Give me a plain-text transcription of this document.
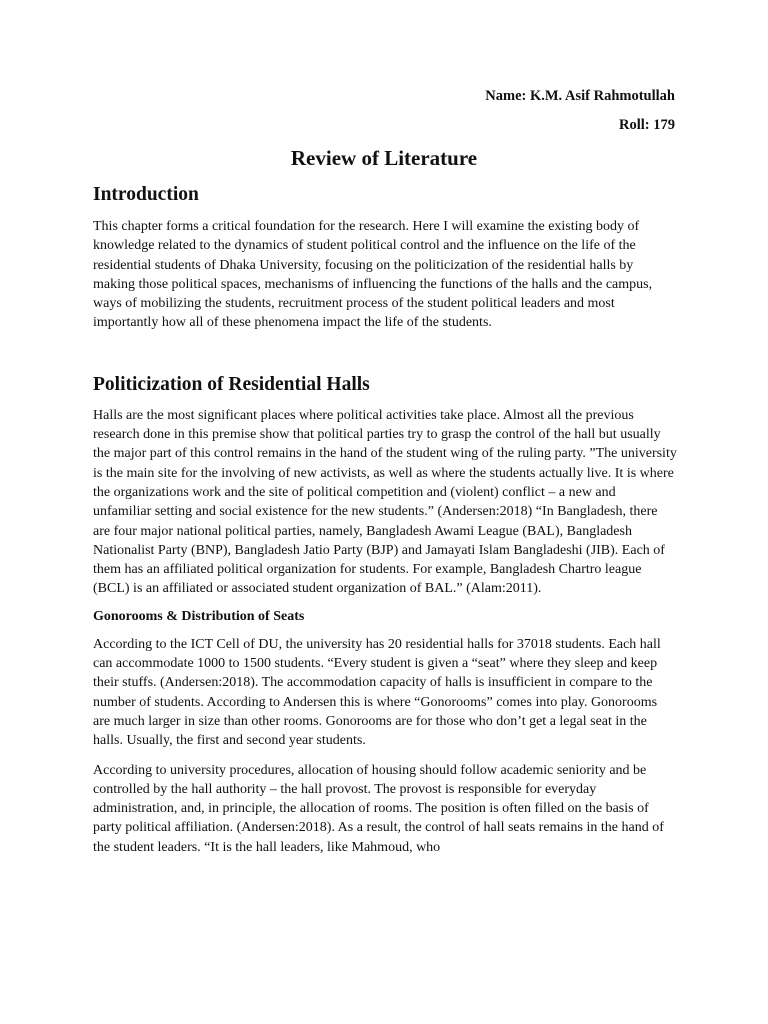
Name: K.M. Asif Rahmotullah
Roll: 179
Review of Literature
Introduction

This chapter forms a critical foundation for the research. Here I will examine the existing body of knowledge related to the dynamics of student political control and the influence on the life of the residential students of Dhaka University, focusing on the politicization of the residential halls by making those political spaces, mechanisms of influencing the functions of the halls and the campus, ways of mobilizing the students, recruitment process of the student political leaders and most importantly how all of these phenomena impact the life of the students.

Politicization of Residential Halls

Halls are the most significant places where political activities take place. Almost all the previous research done in this premise show that political parties try to grasp the control of the hall but usually the major part of this control remains in the hand of the student wing of the ruling party. ”The university is the main site for the involving of new activists, as well as where the students actually live. It is where the organizations work and the site of political competition and (violent) conflict – a new and unfamiliar setting and social existence for the new students.” (Andersen:2018) “In Bangladesh, there are four major national political parties, namely, Bangladesh Awami League (BAL), Bangladesh Nationalist Party (BNP), Bangladesh Jatio Party (BJP) and Jamayati Islam Bangladeshi (JIB). Each of them has an affiliated political organization for students. For example, Bangladesh Chartro league (BCL) is an affiliated or associated student organization of BAL.” (Alam:2011).

Gonorooms & Distribution of Seats

According to the ICT Cell of DU, the university has 20 residential halls for 37018 students. Each hall can accommodate 1000 to 1500 students. “Every student is given a “seat” where they sleep and keep their stuffs. (Andersen:2018). The accommodation capacity of halls is insufficient in compare to the number of students. According to Andersen this is where “Gonorooms” comes into play. Gonorooms are much larger in size than other rooms. Gonorooms are for those who don’t get a legal seat in the halls. Usually, the first and second year students.

According to university procedures, allocation of housing should follow academic seniority and be controlled by the hall authority – the hall provost. The provost is responsible for everyday administration, and, in principle, the allocation of rooms. The position is often filled on the basis of party political affiliation. (Andersen:2018). As a result, the control of hall seats remains in the hand of the student leaders. “It is the hall leaders, like Mahmoud, who
